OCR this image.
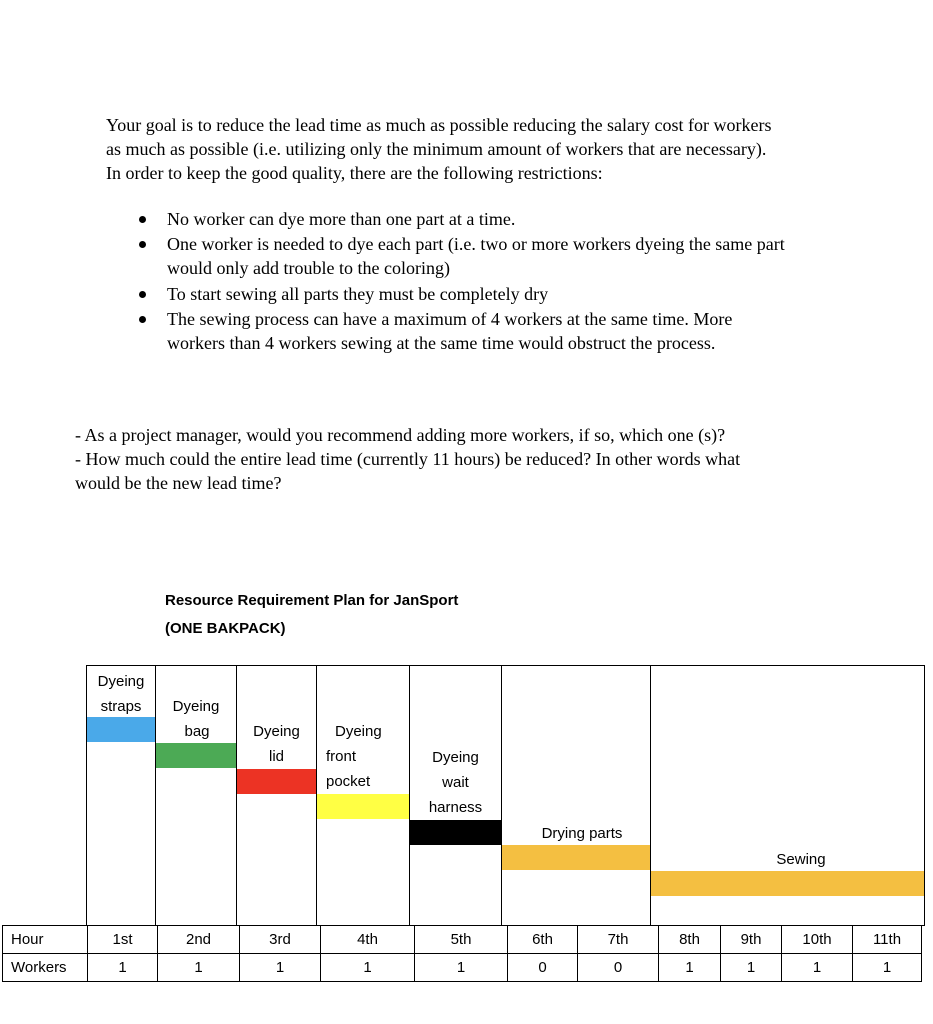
Your goal is to reduce the lead time as much as possible reducing the salary cost for workers
as much as possible (i.e. utilizing only the minimum amount of workers that are necessary).
In order to keep the good quality, there are the following restrictions:
No worker can dye more than one part at a time.
One worker is needed to dye each part (i.e. two or more workers dyeing the same part
would only add trouble to the coloring)
To start sewing all parts they must be completely dry
The sewing process can have a maximum of 4 workers at the same time. More
workers than 4 workers sewing at the same time would obstruct the process.
- As a project manager, would you recommend adding more workers, if so, which one (s)?
- How much could the entire lead time (currently 11 hours) be reduced? In other words what
would be the new lead time?
Resource Requirement Plan for JanSport
(ONE BAKPACK)
Dyeing
straps	Dyeing
bag	Dyeing
lid
Dyeing
front
pocket
Dyeing
wait
harness
Drying parts
Sewing
Hour	1st	2nd	3rd	4th	5th	6th	7th	8th	9th	10th	11th
Workers	1	1	1	1	1	0	0	1	1	1	1
